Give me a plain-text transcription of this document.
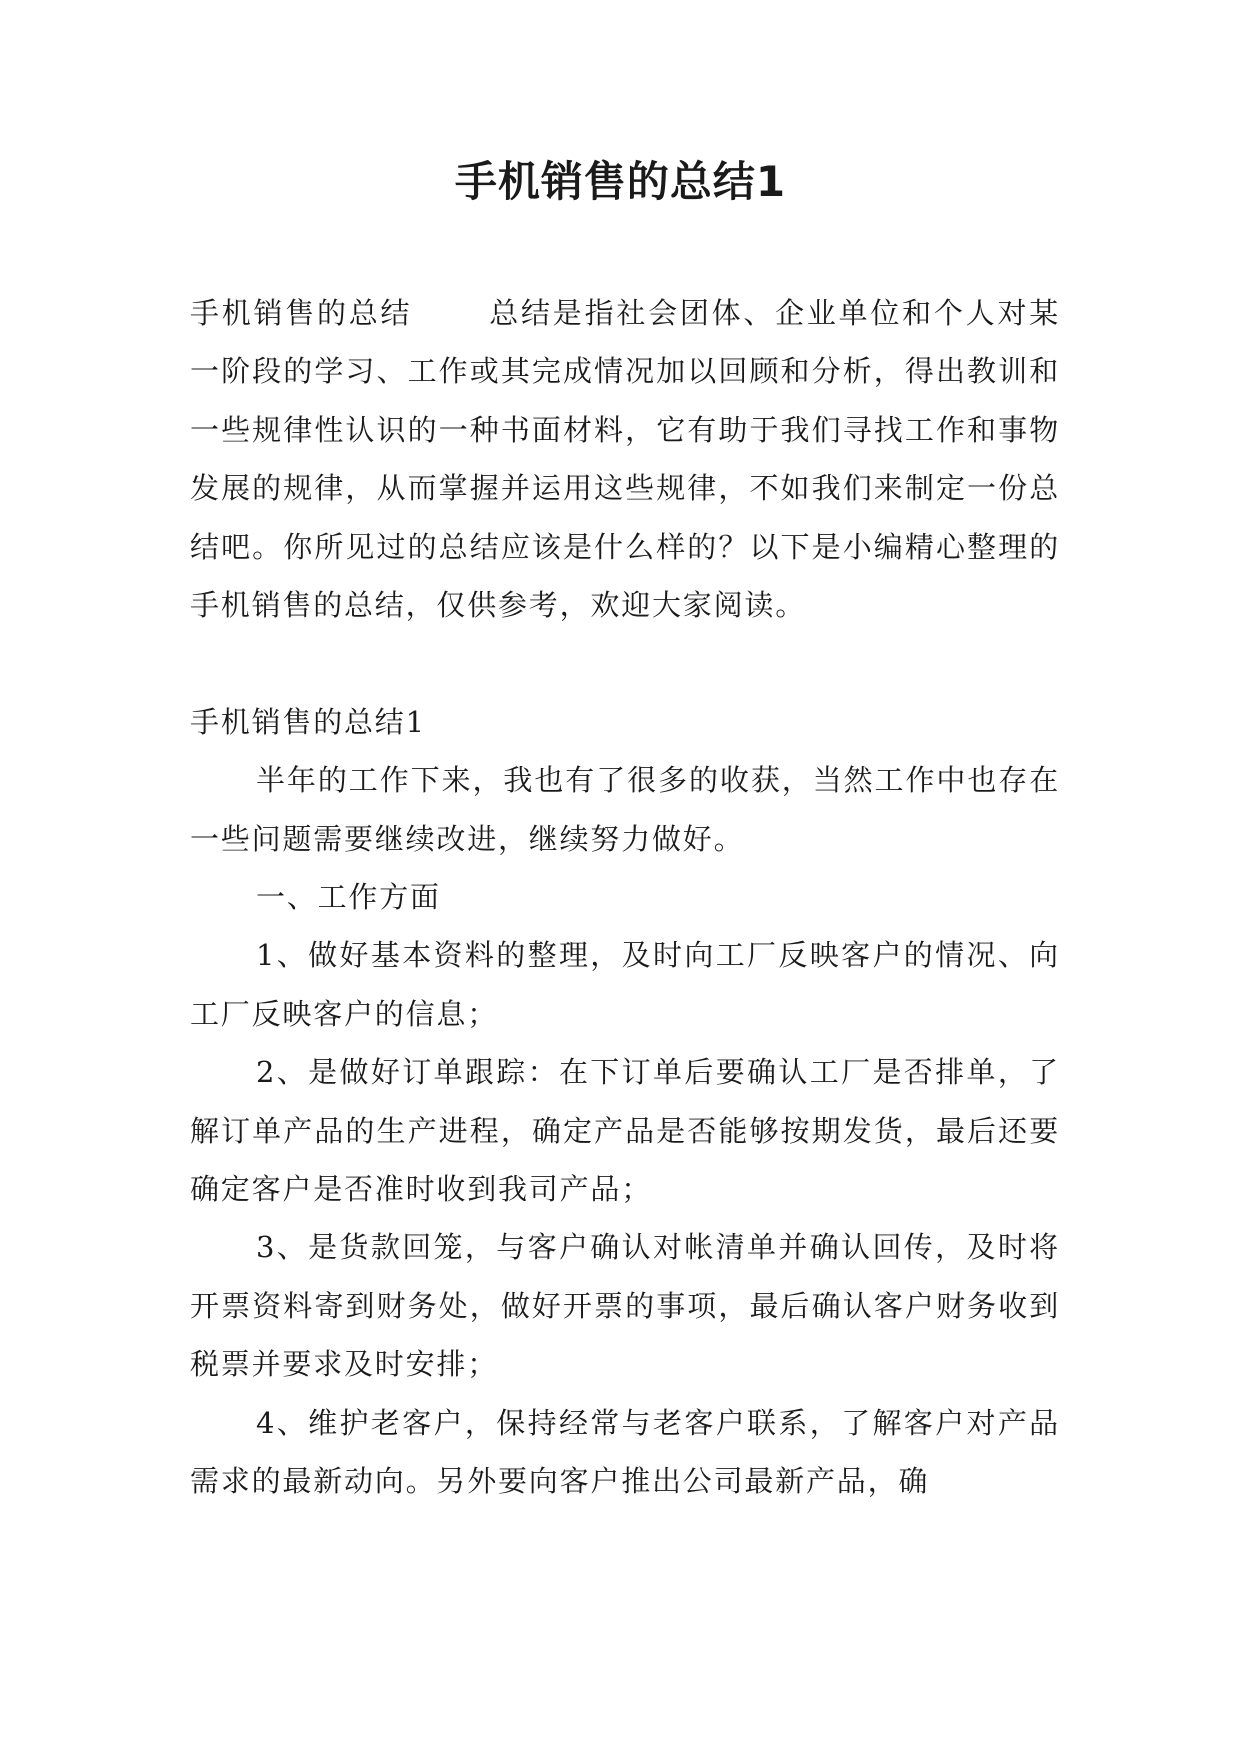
手机销售的总结1

手机销售的总结	总结是指社会团体、企业单位和个人对某一阶段的学习、工作或其完成情况加以回顾和分析，得出教训和一些规律性认识的一种书面材料，它有助于我们寻找工作和事物发展的规律，从而掌握并运用这些规律，不如我们来制定一份总结吧。你所见过的总结应该是什么样的？以下是小编精心整理的手机销售的总结，仅供参考，欢迎大家阅读。

手机销售的总结1

半年的工作下来，我也有了很多的收获，当然工作中也存在一些问题需要继续改进，继续努力做好。

一、工作方面

1、做好基本资料的整理，及时向工厂反映客户的情况、向工厂反映客户的信息；

2、是做好订单跟踪：在下订单后要确认工厂是否排单，了解订单产品的生产进程，确定产品是否能够按期发货，最后还要确定客户是否准时收到我司产品；

3、是货款回笼，与客户确认对帐清单并确认回传，及时将开票资料寄到财务处，做好开票的事项，最后确认客户财务收到税票并要求及时安排；

4、维护老客户，保持经常与老客户联系，了解客户对产品需求的最新动向。另外要向客户推出公司最新产品，确
